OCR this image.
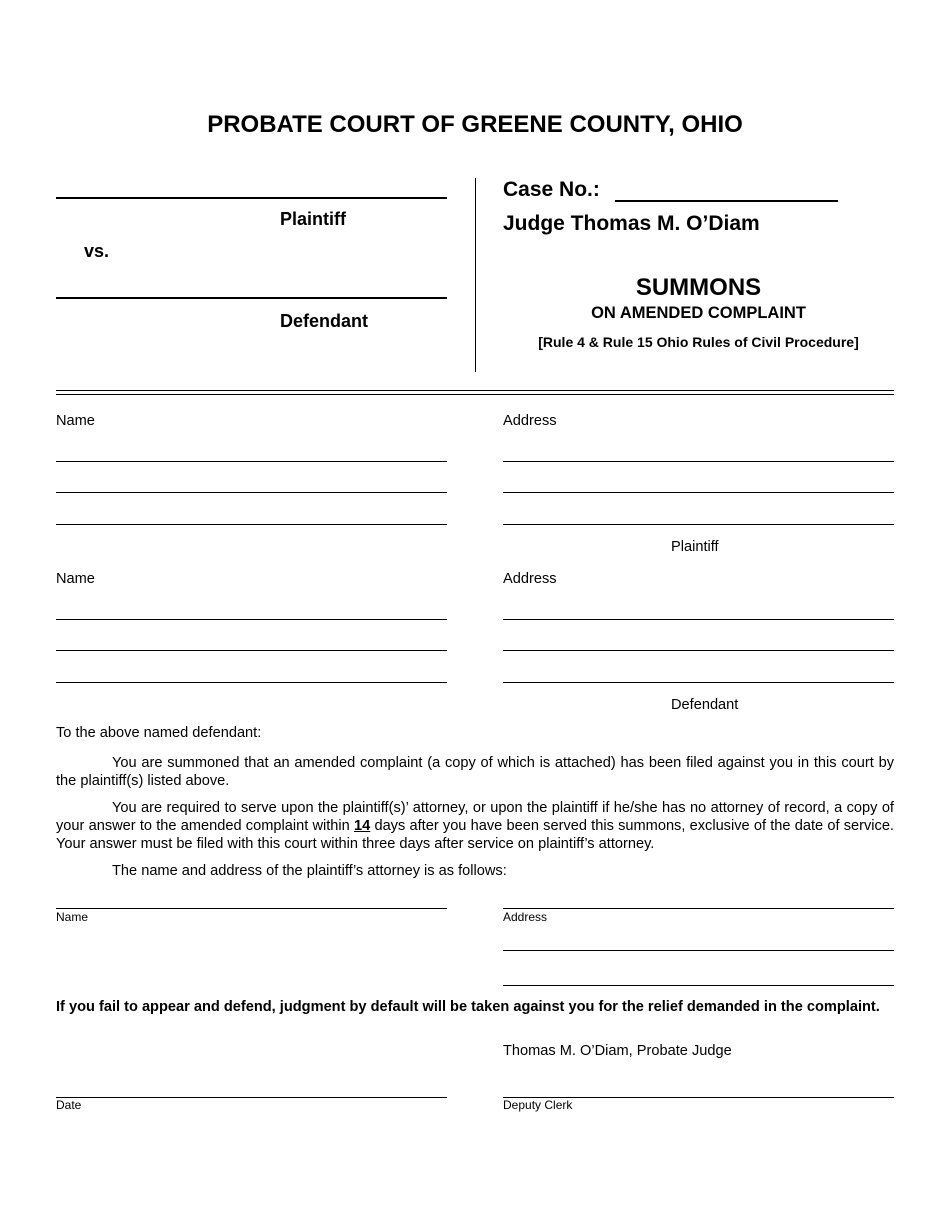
PROBATE COURT OF GREENE COUNTY, OHIO
Plaintiff
vs.
Defendant
Case No.:
Judge Thomas M. O’Diam
SUMMONS
ON AMENDED COMPLAINT
[Rule 4 & Rule 15 Ohio Rules of Civil Procedure]
Name	Address
Plaintiff
Name	Address
Defendant
To the above named defendant:
You are summoned that an amended complaint (a copy of which is attached) has been filed against you in this court by the plaintiff(s) listed above.
You are required to serve upon the plaintiff(s)’ attorney, or upon the plaintiff if he/she has no attorney of record, a copy of your answer to the amended complaint within 14 days after you have been served this summons, exclusive of the date of service. Your answer must be filed with this court within three days after service on plaintiff’s attorney.
The name and address of the plaintiff’s attorney is as follows:
Name	Address
If you fail to appear and defend, judgment by default will be taken against you for the relief demanded in the complaint.
Thomas M. O’Diam, Probate Judge
Date	Deputy Clerk
